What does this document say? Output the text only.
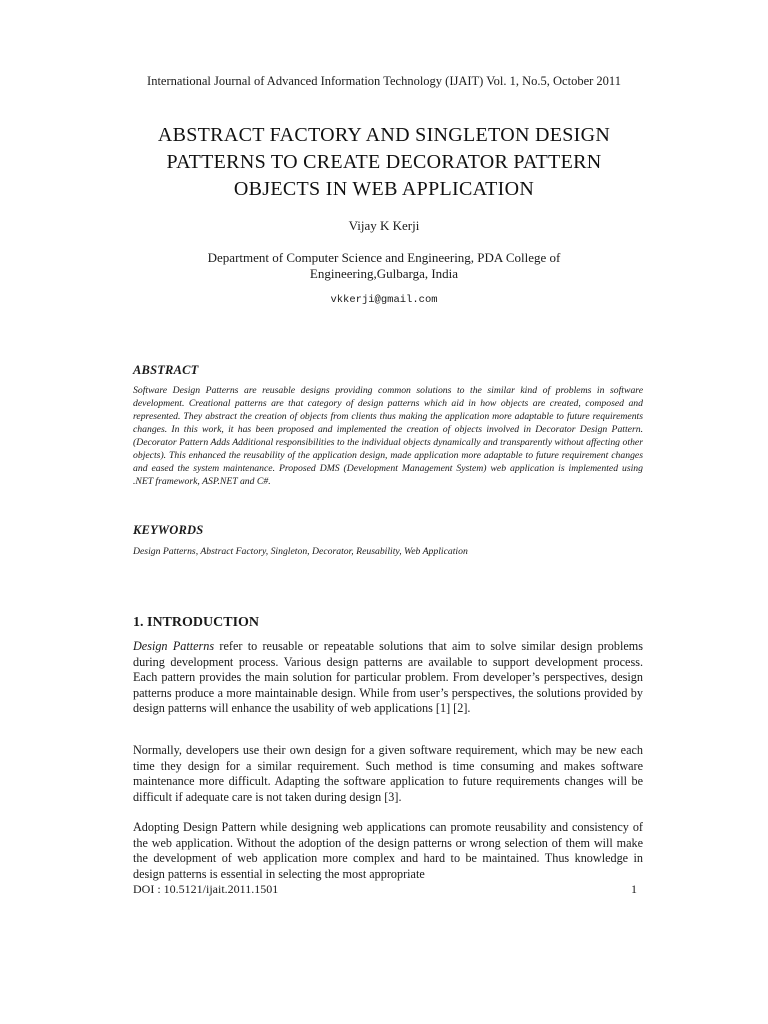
International Journal of Advanced Information Technology (IJAIT) Vol. 1, No.5, October 2011
ABSTRACT FACTORY AND SINGLETON DESIGN
PATTERNS TO CREATE DECORATOR PATTERN
OBJECTS IN WEB APPLICATION
Vijay K Kerji
Department of Computer Science and Engineering, PDA College of Engineering,Gulbarga, India
vkkerji@gmail.com
ABSTRACT
Software Design Patterns are reusable designs providing common solutions to the similar kind of problems in software development. Creational patterns are that category of design patterns which aid in how objects are created, composed and represented. They abstract the creation of objects from clients thus making the application more adaptable to future requirements changes. In this work, it has been proposed and implemented the creation of objects involved in Decorator Design Pattern. (Decorator Pattern Adds Additional responsibilities to the individual objects dynamically and transparently without affecting other objects). This enhanced the reusability of the application design, made application more adaptable to future requirement changes and eased the system maintenance. Proposed DMS (Development Management System) web application is implemented using .NET framework, ASP.NET and C#.
KEYWORDS
Design Patterns, Abstract Factory, Singleton, Decorator, Reusability, Web Application
1. INTRODUCTION
Design Patterns refer to reusable or repeatable solutions that aim to solve similar design problems during development process. Various design patterns are available to support development process. Each pattern provides the main solution for particular problem. From developer’s perspectives, design patterns produce a more maintainable design. While from user’s perspectives, the solutions provided by design patterns will enhance the usability of web applications [1] [2].
Normally, developers use their own design for a given software requirement, which may be new each time they design for a similar requirement. Such method is time consuming and makes software maintenance more difficult. Adapting the software application to future requirements changes will be difficult if adequate care is not taken during design [3].
Adopting Design Pattern while designing web applications can promote reusability and consistency of the web application. Without the adoption of the design patterns or wrong selection of them will make the development of web application more complex and hard to be maintained. Thus knowledge in design patterns is essential in selecting the most appropriate
DOI : 10.5121/ijait.2011.1501	1
